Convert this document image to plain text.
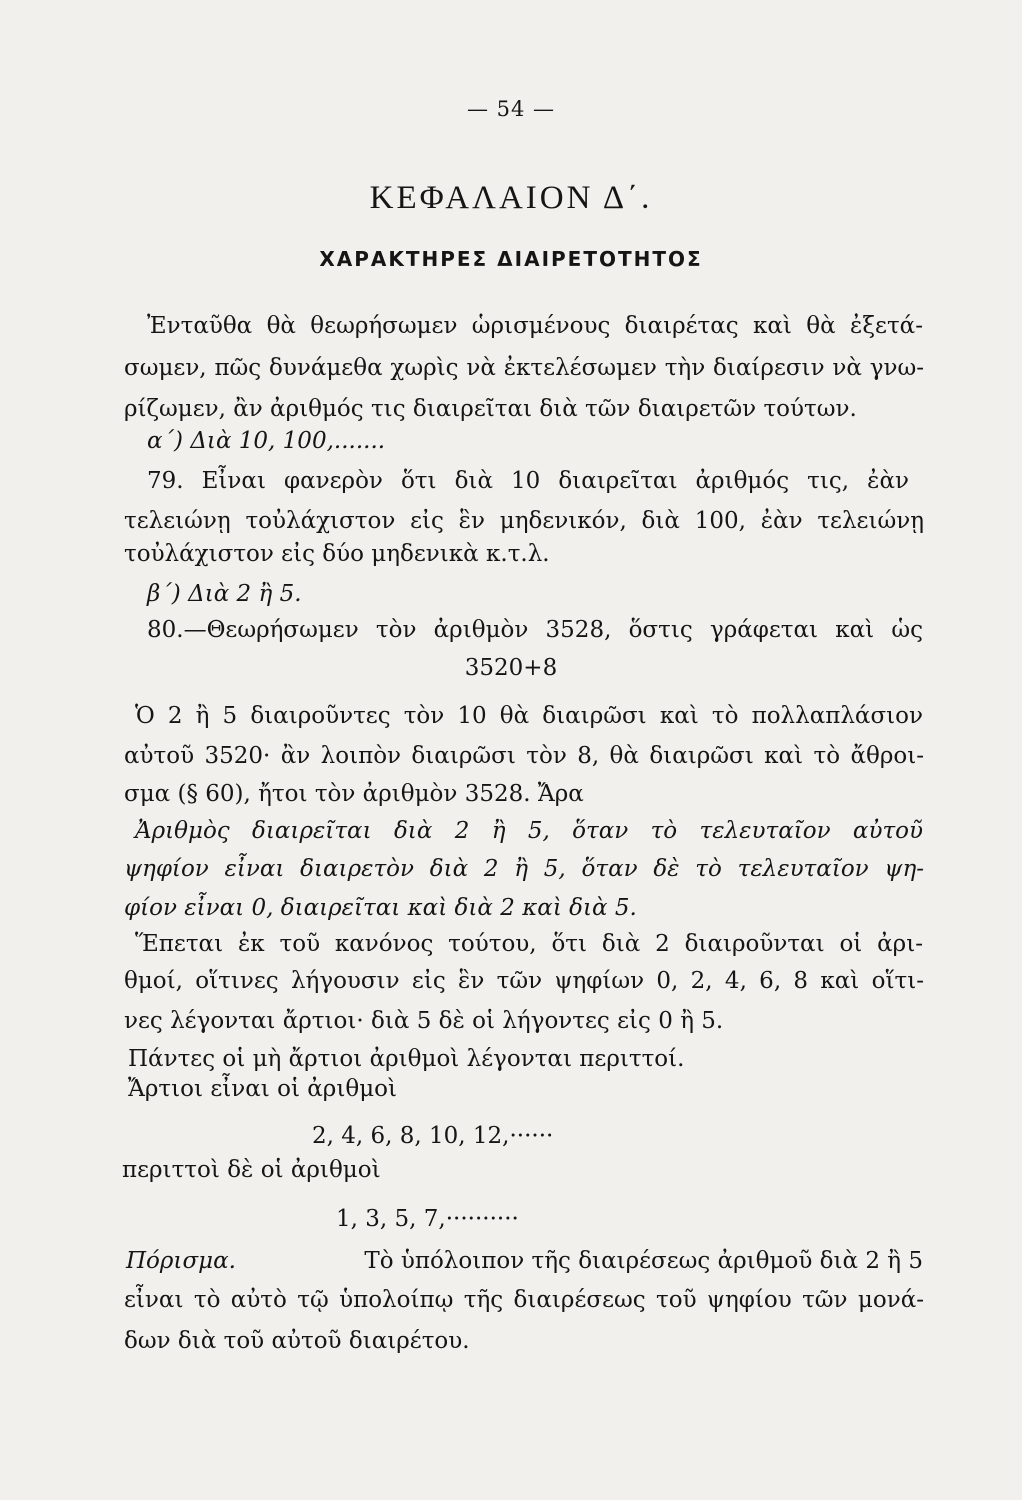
— 54 —
ΚΕΦΑΛΑΙΟΝ Δ΄.
ΧΑΡΑΚΤΗΡΕΣ ΔΙΑΙΡΕΤΟΤΗΤΟΣ
Ἐνταῦθα θὰ θεωρήσωμεν ὡρισμένους διαιρέτας καὶ θὰ ἐξετά-
σωμεν, πῶς δυνάμεθα χωρὶς νὰ ἐκτελέσωμεν τὴν διαίρεσιν νὰ γνω-
ρίζωμεν, ἂν ἀριθμός τις διαιρεῖται διὰ τῶν διαιρετῶν τούτων.
α΄) Διὰ 10, 100,.......
79. Εἶναι φανερὸν ὅτι διὰ 10 διαιρεῖται ἀριθμός τις, ἐὰν
τελειώνῃ τοὐλάχιστον εἰς ἓν μηδενικόν, διὰ 100, ἐὰν τελειώνῃ
τοὐλάχιστον εἰς δύο μηδενικὰ κ.τ.λ.
β΄) Διὰ 2 ἢ 5.
80.—Θεωρήσωμεν τὸν ἀριθμὸν 3528, ὅστις γράφεται καὶ ὡς
3520+8
Ὁ 2 ἢ 5 διαιροῦντες τὸν 10 θὰ διαιρῶσι καὶ τὸ πολλαπλάσιον
αὐτοῦ 3520· ἂν λοιπὸν διαιρῶσι τὸν 8, θὰ διαιρῶσι καὶ τὸ ἄθροι-
σμα (§ 60), ἤτοι τὸν ἀριθμὸν 3528. Ἄρα
Ἀριθμὸς διαιρεῖται διὰ 2 ἢ 5, ὅταν τὸ τελευταῖον αὐτοῦ
ψηφίον εἶναι διαιρετὸν διὰ 2 ἢ 5, ὅταν δὲ τὸ τελευταῖον ψη-
φίον εἶναι 0, διαιρεῖται καὶ διὰ 2 καὶ διὰ 5.
Ἕπεται ἐκ τοῦ κανόνος τούτου, ὅτι διὰ 2 διαιροῦνται οἱ ἀρι-
θμοί, οἵτινες λήγουσιν εἰς ἓν τῶν ψηφίων 0, 2, 4, 6, 8 καὶ οἵτι-
νες λέγονται ἄρτιοι· διὰ 5 δὲ οἱ λήγοντες εἰς 0 ἢ 5.
Πάντες οἱ μὴ ἄρτιοι ἀριθμοὶ λέγονται περιττοί.
Ἄρτιοι εἶναι οἱ ἀριθμοὶ
2, 4, 6, 8, 10, 12,······
περιττοὶ δὲ οἱ ἀριθμοὶ
1, 3, 5, 7,··········
Πόρισμα.	Τὸ ὑπόλοιπον τῆς διαιρέσεως ἀριθμοῦ διὰ 2 ἢ 5
εἶναι τὸ αὐτὸ τῷ ὑπολοίπῳ τῆς διαιρέσεως τοῦ ψηφίου τῶν μονά-
δων διὰ τοῦ αὐτοῦ διαιρέτου.
